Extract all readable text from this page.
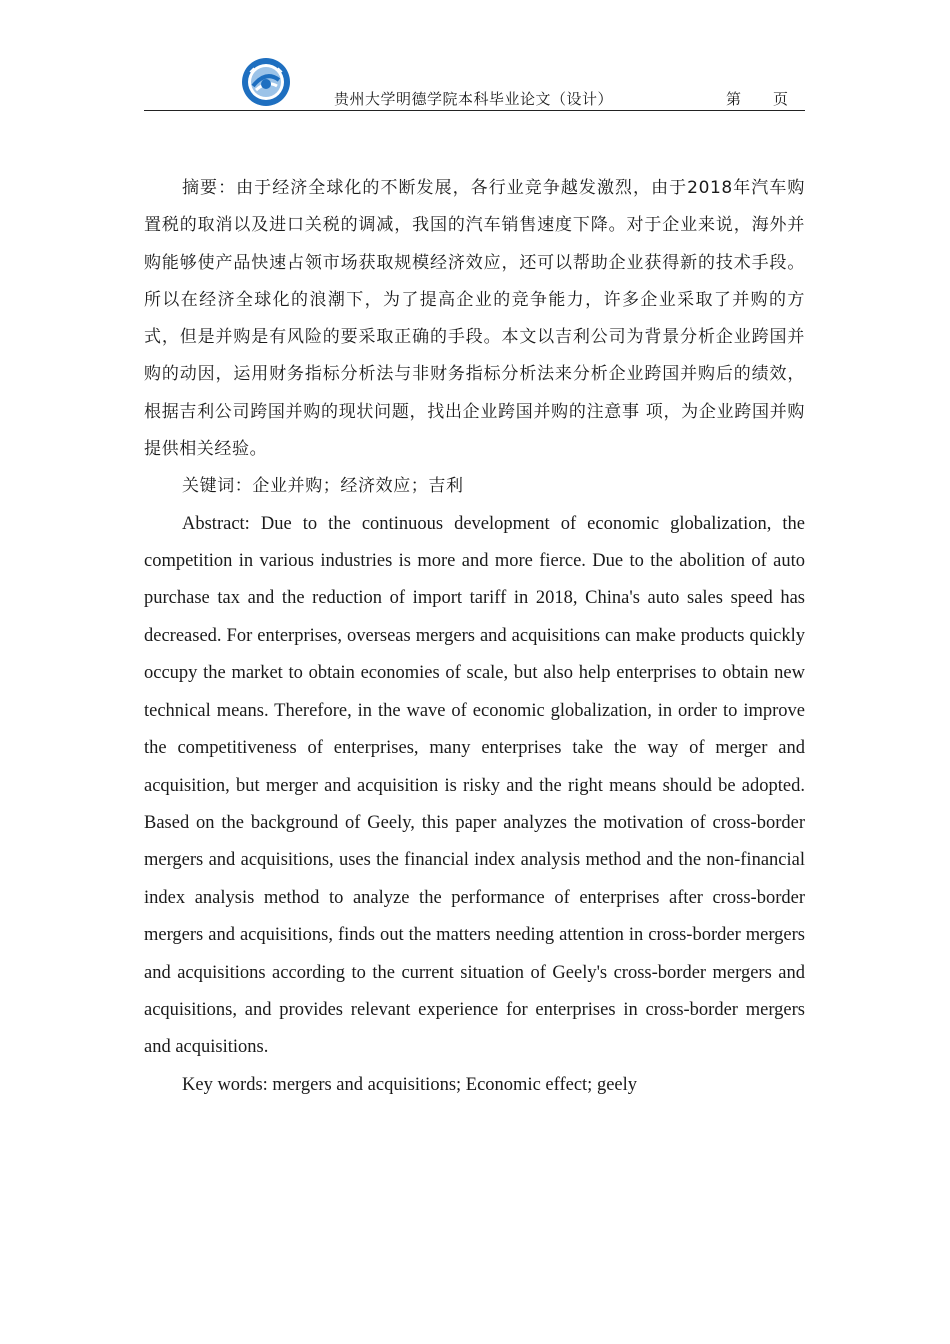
贵州大学明德学院本科毕业论文（设计）	第 页

摘要：由于经济全球化的不断发展，各行业竞争越发激烈，由于2018年汽车购置税的取消以及进口关税的调减，我国的汽车销售速度下降。对于企业来说，海外并购能够使产品快速占领市场获取规模经济效应，还可以帮助企业获得新的技术手段。所以在经济全球化的浪潮下，为了提高企业的竞争能力，许多企业采取了并购的方式，但是并购是有风险的要采取正确的手段。本文以吉利公司为背景分析企业跨国并购的动因，运用财务指标分析法与非财务指标分析法来分析企业跨国并购后的绩效，根据吉利公司跨国并购的现状问题，找出企业跨国并购的注意事 项，为企业跨国并购提供相关经验。

关键词：企业并购；经济效应；吉利

Abstract: Due to the continuous development of economic globalization, the competition in various industries is more and more fierce. Due to the abolition of auto purchase tax and the reduction of import tariff in 2018, China's auto sales speed has decreased. For enterprises, overseas mergers and acquisitions can make products quickly occupy the market to obtain economies of scale, but also help enterprises to obtain new technical means. Therefore, in the wave of economic globalization, in order to improve the competitiveness of enterprises, many enterprises take the way of merger and acquisition, but merger and acquisition is risky and the right means should be adopted. Based on the background of Geely, this paper analyzes the motivation of cross-border mergers and acquisitions, uses the financial index analysis method and the non-financial index analysis method to analyze the performance of enterprises after cross-border mergers and acquisitions, finds out the matters needing attention in cross-border mergers and acquisitions according to the current situation of Geely's cross-border mergers and acquisitions, and provides relevant experience for enterprises in cross-border mergers and acquisitions.

Key words: mergers and acquisitions; Economic effect; geely
